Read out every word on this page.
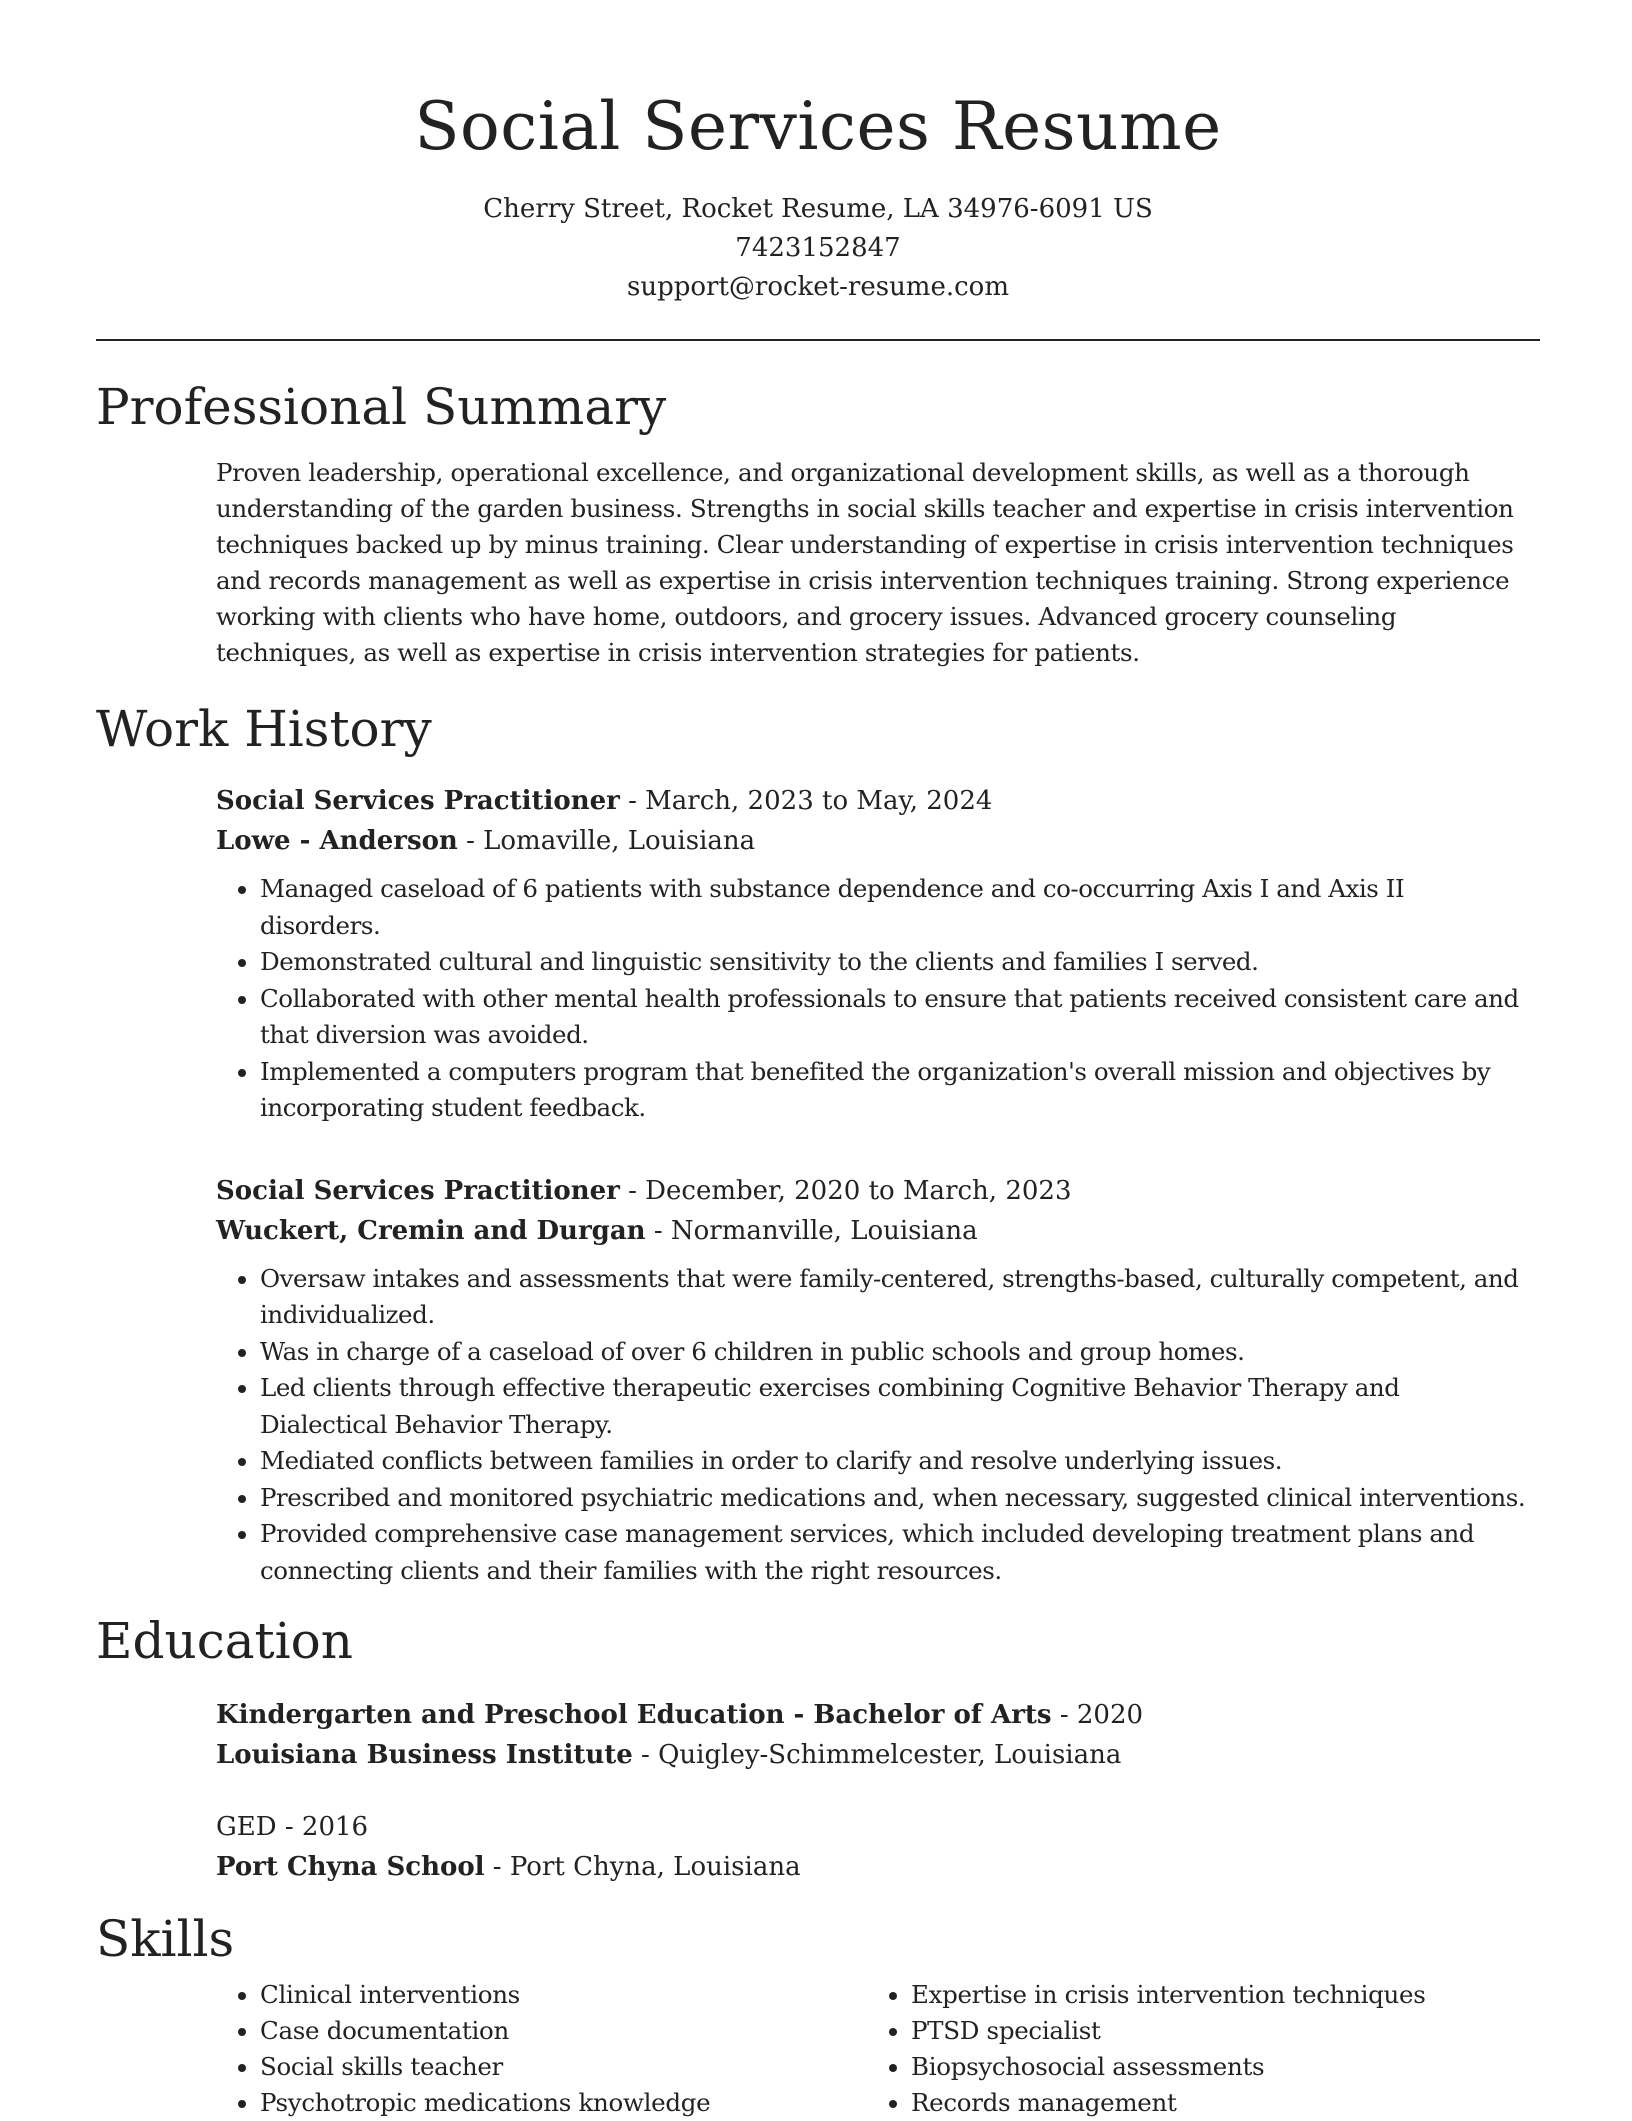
Social Services Resume
Cherry Street, Rocket Resume, LA 34976-6091 US
7423152847
support@rocket-resume.com
Professional Summary

Proven leadership, operational excellence, and organizational development skills, as well as a thorough understanding of the garden business. Strengths in social skills teacher and expertise in crisis intervention techniques backed up by minus training. Clear understanding of expertise in crisis intervention techniques and records management as well as expertise in crisis intervention techniques training. Strong experience working with clients who have home, outdoors, and grocery issues. Advanced grocery counseling techniques, as well as expertise in crisis intervention strategies for patients.

Work History
Social Services Practitioner - March, 2023 to May, 2024
Lowe - Anderson - Lomaville, Louisiana
• Managed caseload of 6 patients with substance dependence and co-occurring Axis I and Axis II disorders.
• Demonstrated cultural and linguistic sensitivity to the clients and families I served.
• Collaborated with other mental health professionals to ensure that patients received consistent care and that diversion was avoided.
• Implemented a computers program that benefited the organization's overall mission and objectives by incorporating student feedback.
Social Services Practitioner - December, 2020 to March, 2023
Wuckert, Cremin and Durgan - Normanville, Louisiana
• Oversaw intakes and assessments that were family-centered, strengths-based, culturally competent, and individualized.
• Was in charge of a caseload of over 6 children in public schools and group homes.
• Led clients through effective therapeutic exercises combining Cognitive Behavior Therapy and Dialectical Behavior Therapy.
• Mediated conflicts between families in order to clarify and resolve underlying issues.
• Prescribed and monitored psychiatric medications and, when necessary, suggested clinical interventions.
• Provided comprehensive case management services, which included developing treatment plans and connecting clients and their families with the right resources.
Education
Kindergarten and Preschool Education - Bachelor of Arts - 2020
Louisiana Business Institute - Quigley-Schimmelcester, Louisiana
GED - 2016
Port Chyna School - Port Chyna, Louisiana
Skills
• Clinical interventions
• Case documentation
• Social skills teacher
• Psychotropic medications knowledge
• Expertise in crisis intervention techniques
• PTSD specialist
• Biopsychosocial assessments
• Records management
